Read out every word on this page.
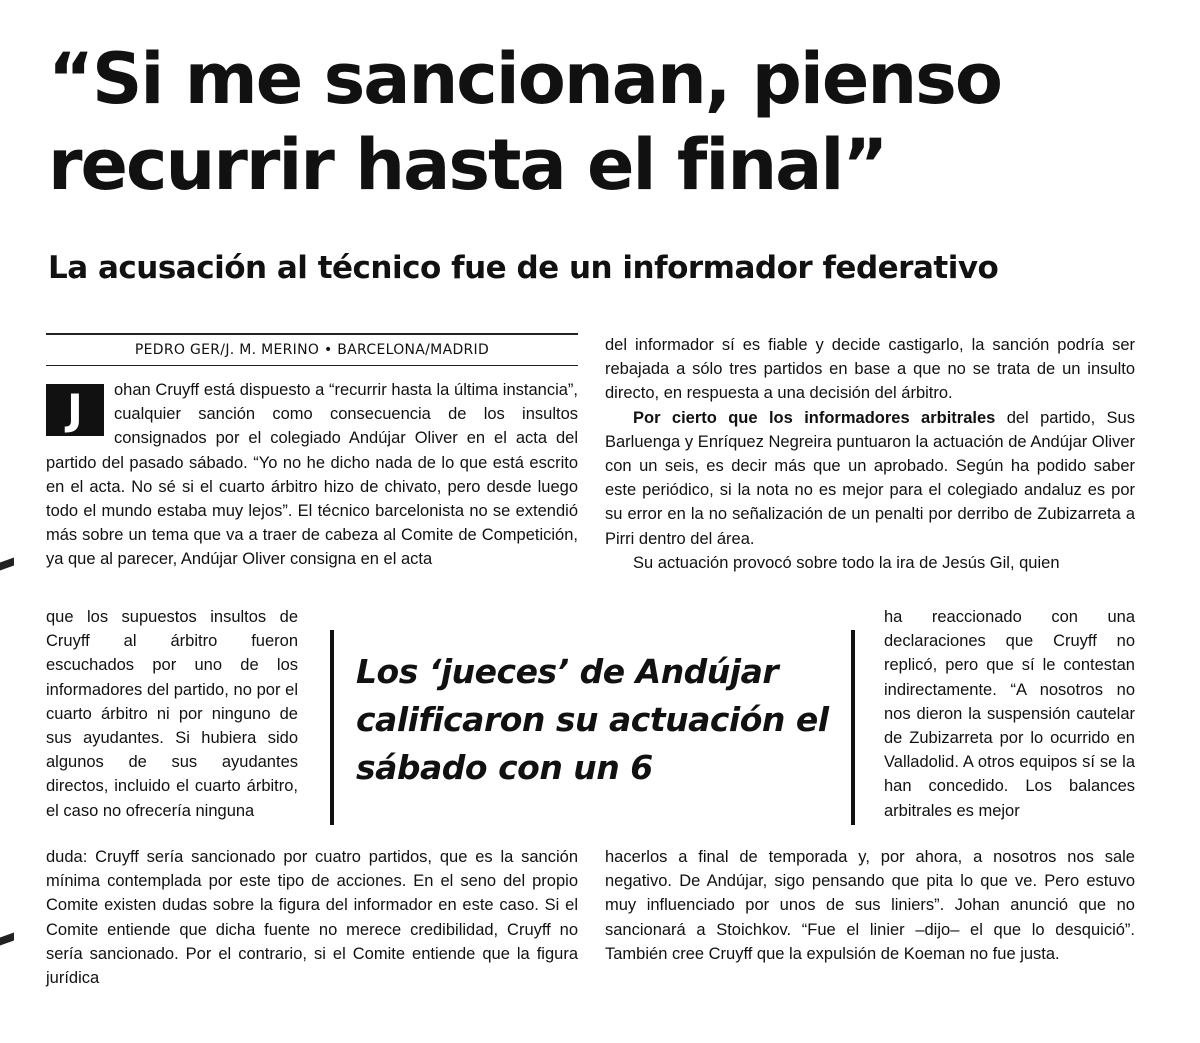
“Si me sancionan, pienso recurrir hasta el final”
La acusación al técnico fue de un informador federativo
PEDRO GER/J. M. MERINO • BARCELONA/MADRID
J	ohan Cruyff está dispuesto a “recurrir hasta la última instancia”, cualquier sanción como consecuencia de los insultos consignados por el colegiado Andújar Oliver en el acta del partido del pasado sábado. “Yo no he dicho nada de lo que está escrito en el acta. No sé si el cuarto árbitro hizo de chivato, pero desde luego todo el mundo estaba muy lejos”. El técnico barcelonista no se extendió más sobre un tema que va a traer de cabeza al Comite de Competición, ya que al parecer, Andújar Oliver consigna en el acta

que los supuestos insultos de Cruyff al árbitro fueron escuchados por uno de los informadores del partido, no por el cuarto árbitro ni por ninguno de sus ayudantes. Si hubiera sido algunos de sus ayudantes directos, incluido el cuarto árbitro, el caso no ofrecería ninguna

Los ‘jueces’ de Andújar calificaron su actuación el sábado con un 6

duda: Cruyff sería sancionado por cuatro partidos, que es la sanción mínima contemplada por este tipo de acciones. En el seno del propio Comite existen dudas sobre la figura del informador en este caso. Si el Comite entiende que dicha fuente no merece credibilidad, Cruyff no sería sancionado. Por el contrario, si el Comite entiende que la figura jurídica

del informador sí es fiable y decide castigarlo, la sanción podría ser rebajada a sólo tres partidos en base a que no se trata de un insulto directo, en respuesta a una decisión del árbitro.

Por cierto que los informadores arbitrales del partido, Sus Barluenga y Enríquez Negreira puntuaron la actuación de Andújar Oliver con un seis, es decir más que un aprobado. Según ha podido saber este periódico, si la nota no es mejor para el colegiado andaluz es por su error en la no señalización de un penalti por derribo de Zubizarreta a Pirri dentro del área.

Su actuación provocó sobre todo la ira de Jesús Gil, quien

ha reaccionado con una declaraciones que Cruyff no replicó, pero que sí le contestan indirectamente. “A nosotros no nos dieron la suspensión cautelar de Zubizarreta por lo ocurrido en Valladolid. A otros equipos sí se la han concedido. Los balances arbitrales es mejor

hacerlos a final de temporada y, por ahora, a nosotros nos sale negativo. De Andújar, sigo pensando que pita lo que ve. Pero estuvo muy influenciado por unos de sus liniers”. Johan anunció que no sancionará a Stoichkov. “Fue el linier –dijo– el que lo desquició”. También cree Cruyff que la expulsión de Koeman no fue justa.
